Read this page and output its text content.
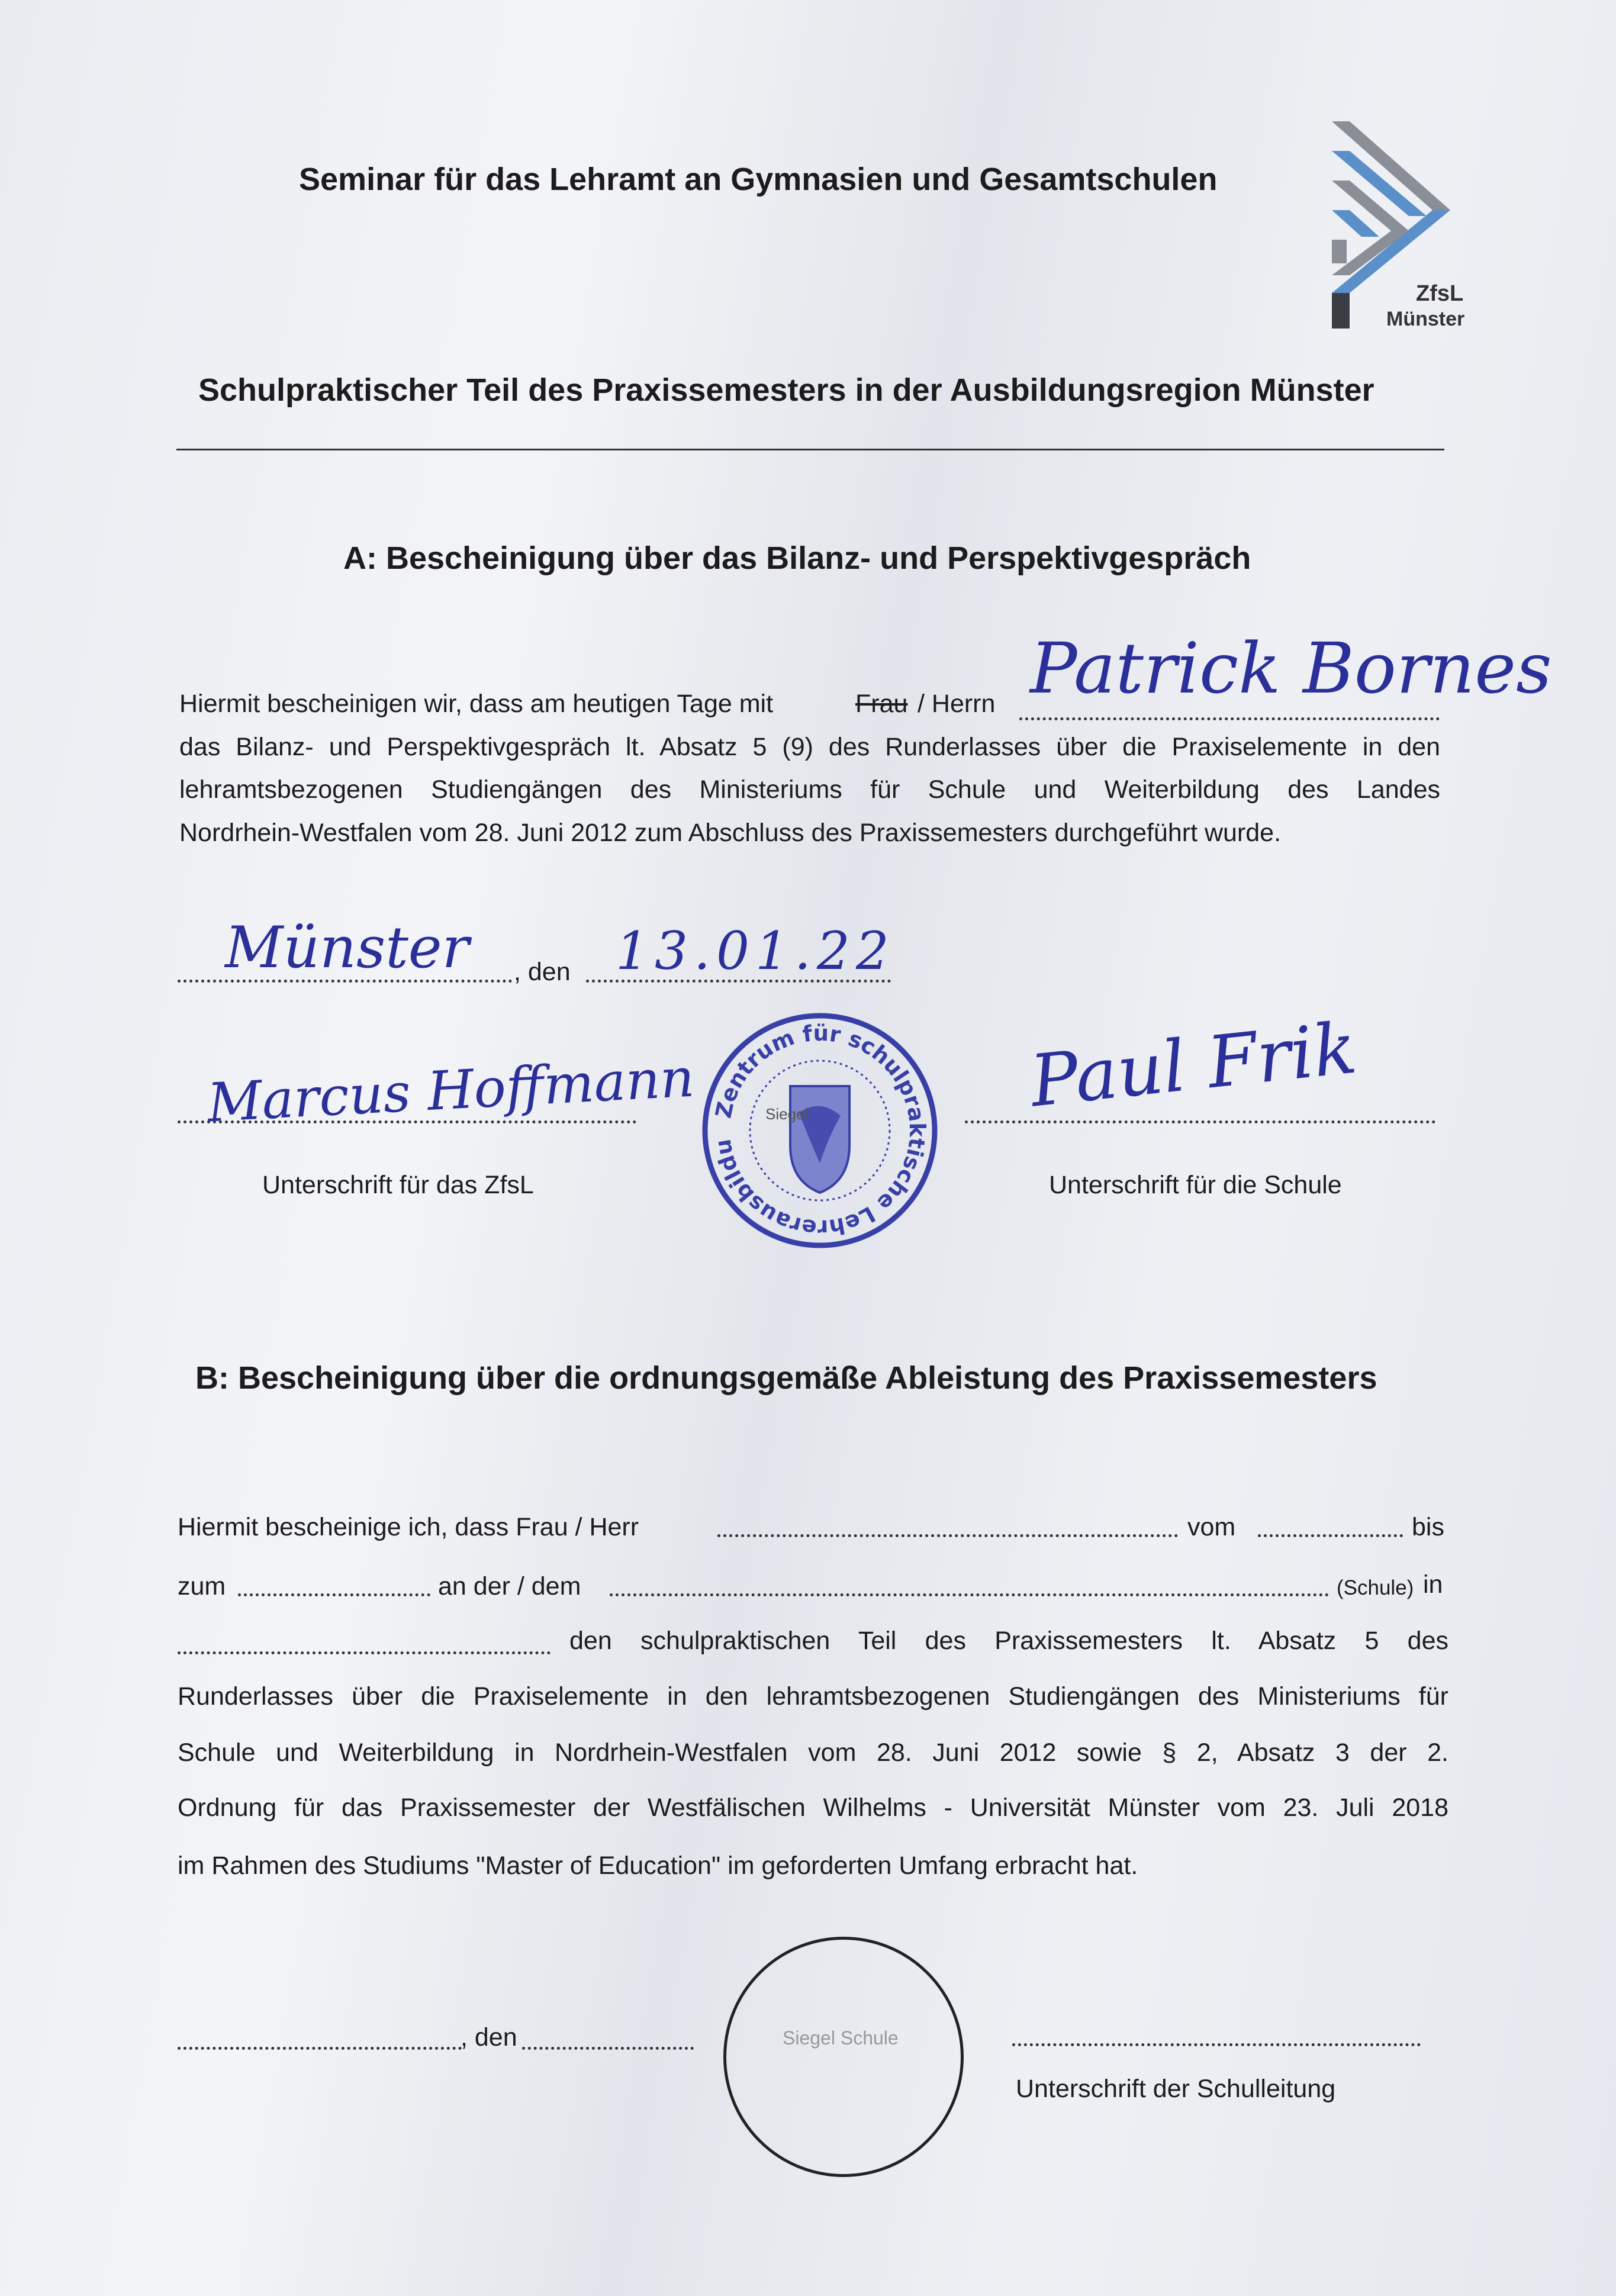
Seminar für das Lehramt an Gymnasien und Gesamtschulen
ZfsL
Münster
Schulpraktischer Teil des Praxissemesters in der Ausbildungsregion Münster
A: Bescheinigung über das Bilanz- und Perspektivgespräch
Hiermit bescheinigen wir, dass am heutigen Tage mit	Frau / Herrn Patrick Bornes
das Bilanz- und Perspektivgespräch lt. Absatz 5 (9) des Runderlasses über die Praxiselemente in den
lehramtsbezogenen Studiengängen des Ministeriums für Schule und Weiterbildung des Landes
Nordrhein-Westfalen vom 28. Juni 2012 zum Abschluss des Praxissemesters durchgeführt wurde.
Münster , den 13.01.22
Marcus Hoffmann
Unterschrift für das ZfsL
Paul Frik
Unterschrift für die Schule
Zentrum für schulpraktische Lehrerausbildu
Siegel
B: Bescheinigung über die ordnungsgemäße Ableistung des Praxissemesters
Hiermit bescheinige ich, dass Frau / Herr	vom	bis
zum	an der / dem	(Schule) in
den schulpraktischen Teil des Praxissemesters lt. Absatz 5 des
Runderlasses über die Praxiselemente in den lehramtsbezogenen Studiengängen des Ministeriums für
Schule und Weiterbildung in Nordrhein-Westfalen vom 28. Juni 2012 sowie § 2, Absatz 3 der 2.
Ordnung für das Praxissemester der Westfälischen Wilhelms - Universität Münster vom 23. Juli 2018
im Rahmen des Studiums "Master of Education" im geforderten Umfang erbracht hat.
, den	Siegel Schule
Unterschrift der Schulleitung
